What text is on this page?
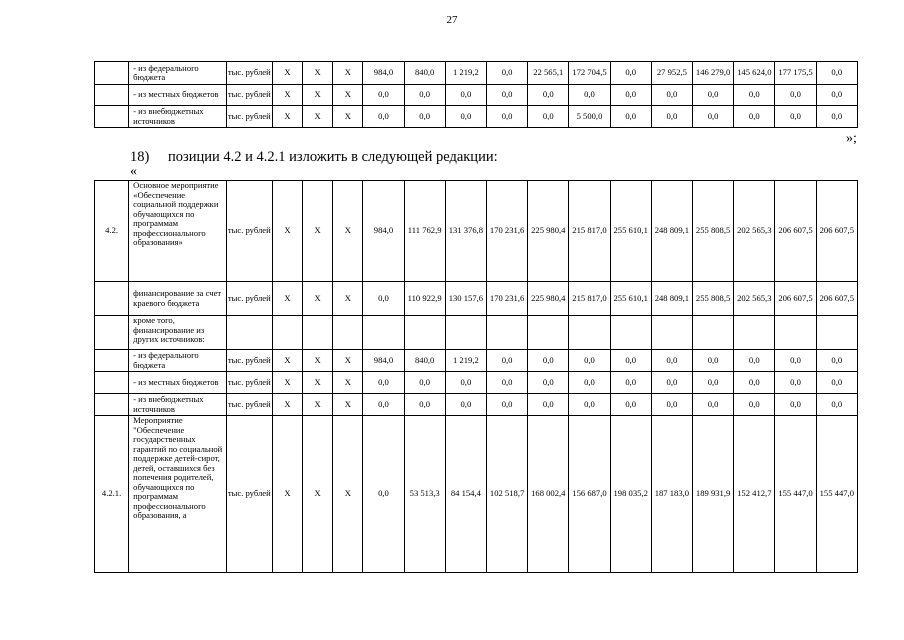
27
	- из федерального бюджета	тыс. рублей	X	X	X	984,0	840,0	1 219,2	0,0	22 565,1	172 704,5	0,0	27 952,5	146 279,0	145 624,0	177 175,5	0,0
	- из местных бюджетов	тыс. рублей	X	X	X	0,0	0,0	0,0	0,0	0,0	0,0	0,0	0,0	0,0	0,0	0,0	0,0
	- из внебюджетных источников	тыс. рублей	X	X	X	0,0	0,0	0,0	0,0	0,0	5 500,0	0,0	0,0	0,0	0,0	0,0	0,0
»;
18) позиции 4.2 и 4.2.1 изложить в следующей редакции:
«
4.2.	Основное мероприятие «Обеспечение социальной поддержки обучающихся по программам профессионального образования»	тыс. рублей	X	X	X	984,0	111 762,9	131 376,8	170 231,6	225 980,4	215 817,0	255 610,1	248 809,1	255 808,5	202 565,3	206 607,5	206 607,5
	финансирование за счет краевого бюджета	тыс. рублей	X	X	X	0,0	110 922,9	130 157,6	170 231,6	225 980,4	215 817,0	255 610,1	248 809,1	255 808,5	202 565,3	206 607,5	206 607,5
	кроме того, финансирование из других источников:																
	- из федерального бюджета	тыс. рублей	X	X	X	984,0	840,0	1 219,2	0,0	0,0	0,0	0,0	0,0	0,0	0,0	0,0	0,0
	- из местных бюджетов	тыс. рублей	X	X	X	0,0	0,0	0,0	0,0	0,0	0,0	0,0	0,0	0,0	0,0	0,0	0,0
	- из внебюджетных источников	тыс. рублей	X	X	X	0,0	0,0	0,0	0,0	0,0	0,0	0,0	0,0	0,0	0,0	0,0	0,0
4.2.1.	Мероприятие "Обеспечение государственных гарантий по социальной поддержке детей-сирот, детей, оставшихся без попечения родителей, обучающихся по программам профессионального образования, а	тыс. рублей	X	X	X	0,0	53 513,3	84 154,4	102 518,7	168 002,4	156 687,0	198 035,2	187 183,0	189 931,9	152 412,7	155 447,0	155 447,0
